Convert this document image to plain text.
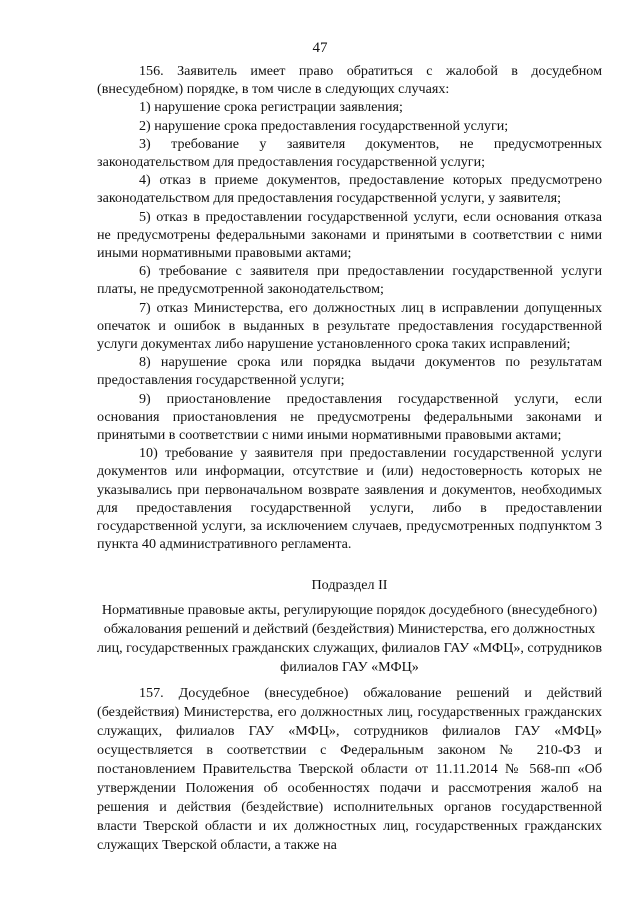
47

156. Заявитель имеет право обратиться с жалобой в досудебном (внесудебном) порядке, в том числе в следующих случаях:

1) нарушение срока регистрации заявления;

2) нарушение срока предоставления государственной услуги;

3) требование у заявителя документов, не предусмотренных законодательством для предоставления государственной услуги;

4) отказ в приеме документов, предоставление которых предусмотрено законодательством для предоставления государственной услуги, у заявителя;

5) отказ в предоставлении государственной услуги, если основания отказа не предусмотрены федеральными законами и принятыми в соответствии с ними иными нормативными правовыми актами;

6) требование с заявителя при предоставлении государственной услуги платы, не предусмотренной законодательством;

7) отказ Министерства, его должностных лиц в исправлении допущенных опечаток и ошибок в выданных в результате предоставления государственной услуги документах либо нарушение установленного срока таких исправлений;

8) нарушение срока или порядка выдачи документов по результатам предоставления государственной услуги;

9) приостановление предоставления государственной услуги, если основания приостановления не предусмотрены федеральными законами и принятыми в соответствии с ними иными нормативными правовыми актами;

10) требование у заявителя при предоставлении государственной услуги документов или информации, отсутствие и (или) недостоверность которых не указывались при первоначальном возврате заявления и документов, необходимых для предоставления государственной услуги, либо в предоставлении государственной услуги, за исключением случаев, предусмотренных подпунктом 3 пункта 40 административного регламента.

Подраздел II

Нормативные правовые акты, регулирующие порядок досудебного (внесудебного) обжалования решений и действий (бездействия) Министерства, его должностных лиц, государственных гражданских служащих, филиалов ГАУ «МФЦ», сотрудников филиалов ГАУ «МФЦ»

157. Досудебное (внесудебное) обжалование решений и действий (бездействия) Министерства, его должностных лиц, государственных гражданских служащих, филиалов ГАУ «МФЦ», сотрудников филиалов ГАУ «МФЦ» осуществляется в соответствии с Федеральным законом № 210-ФЗ и постановлением Правительства Тверской области от 11.11.2014 № 568-пп «Об утверждении Положения об особенностях подачи и рассмотрения жалоб на решения и действия (бездействие) исполнительных органов государственной власти Тверской области и их должностных лиц, государственных гражданских служащих Тверской области, а также на
